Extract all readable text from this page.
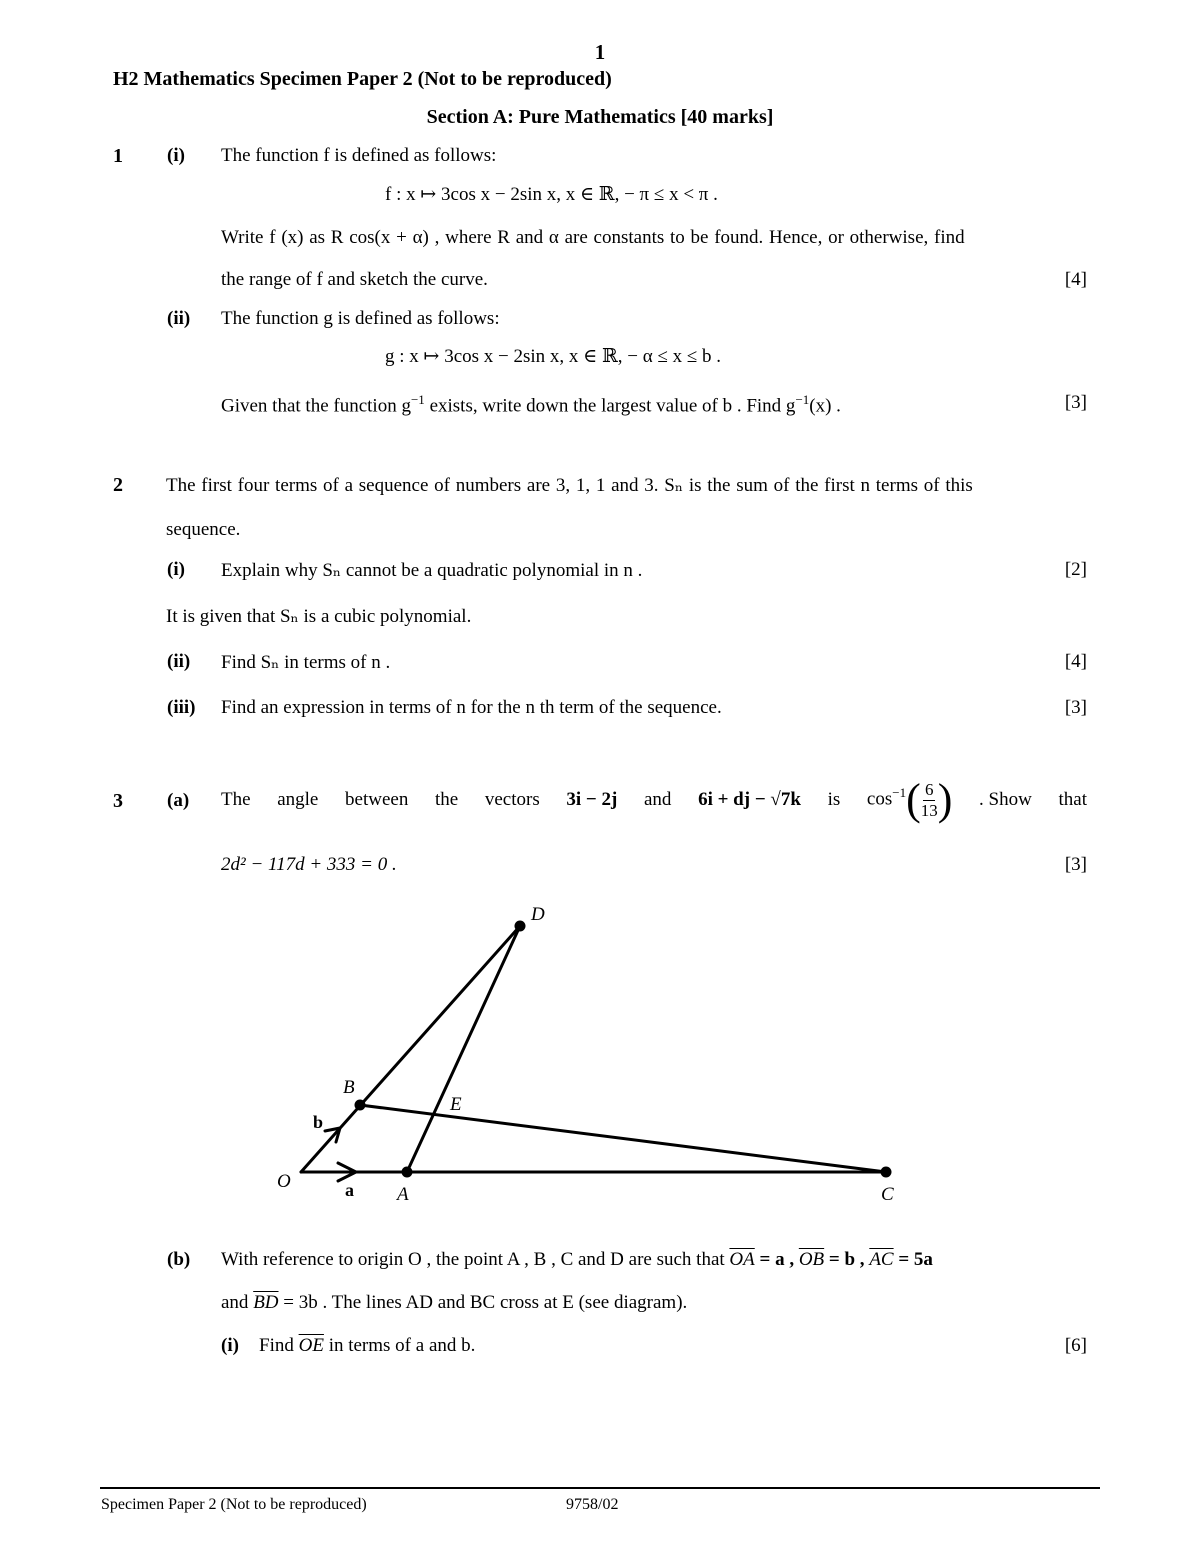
1
H2 Mathematics Specimen Paper 2 (Not to be reproduced)
Section A: Pure Mathematics [40 marks]
1 (i) The function f is defined as follows:
f : x ↦ 3cos x − 2sin x, x ∈ ℝ, − π ≤ x < π .
Write f (x) as R cos(x + α) , where R and α are constants to be found. Hence, or otherwise, find
the range of f and sketch the curve.	[4]
(ii) The function g is defined as follows:
g : x ↦ 3cos x − 2sin x, x ∈ ℝ, − α ≤ x ≤ b .
Given that the function $g^{-1}$ exists, write down the largest value of b . Find $g^{-1}(x)$ .	[3]
2 The first four terms of a sequence of numbers are 3, 1, 1 and 3. Sₙ is the sum of the first n terms of this
sequence.
(i) Explain why Sₙ cannot be a quadratic polynomial in n .	[2]
It is given that Sₙ is a cubic polynomial.
(ii) Find Sₙ in terms of n .	[4]
(iii) Find an expression in terms of n for the n th term of the sequence.	[3]
3 (a) The angle between the vectors 3i − 2j and 6i + dj − √7k is $\cos^{-1}( \frac{6}{13}$ ) . Show that
2d² − 117d + 333 = 0 .	[3]
O
A
B
C
D
E
a
b
(b) With reference to origin O , the point A , B , C and D are such that $\overline{OA} = a$ , $\overline{OB} = b$ , $\overline{AC} = 5a$
and $\overline{BD} = 3b$ . The lines AD and BC cross at E (see diagram).
(i) Find $\overline{OE}$ in terms of a and b.	[6]
Specimen Paper 2 (Not to be reproduced)	9758/02
